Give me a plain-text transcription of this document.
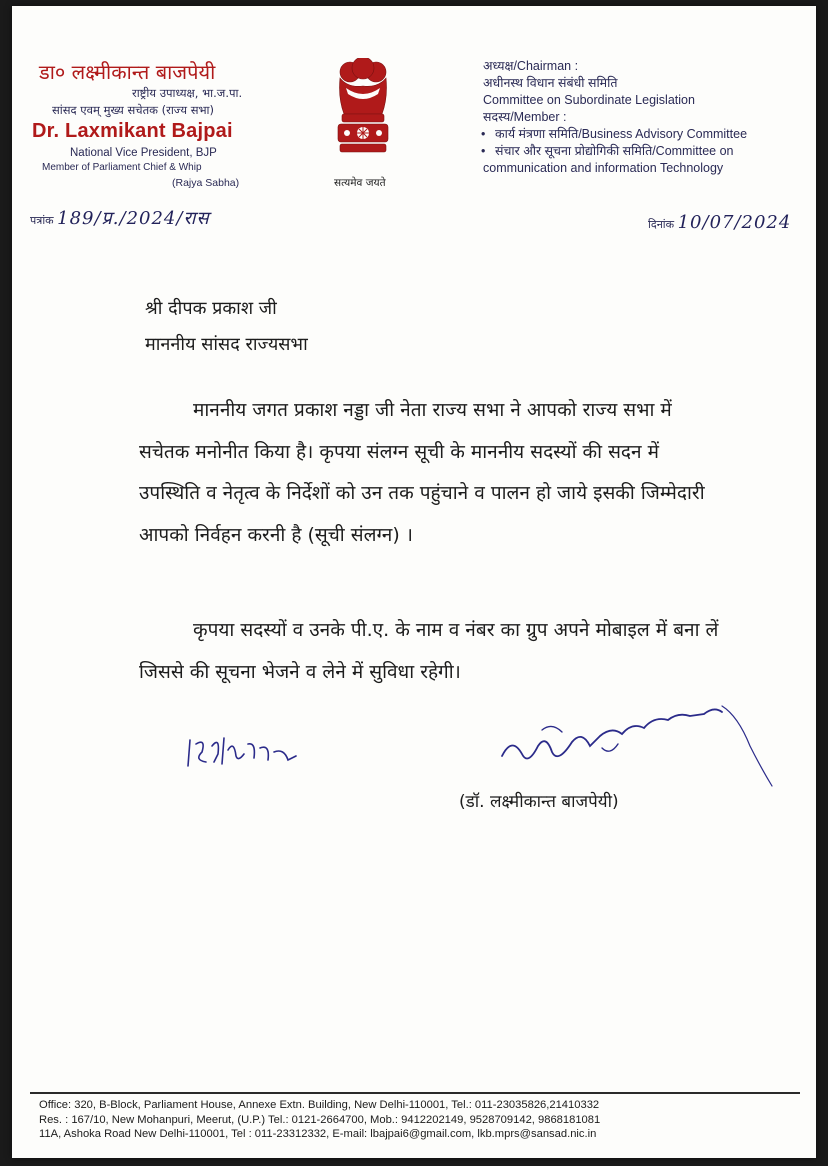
डा० लक्ष्मीकान्त बाजपेयी
राष्ट्रीय उपाध्यक्ष, भा.ज.पा.
सांसद एवम् मुख्य सचेतक (राज्य सभा)
Dr. Laxmikant Bajpai
National Vice President, BJP
Member of Parliament Chief & Whip
(Rajya Sabha)	सत्यमेव जयते
अध्यक्ष/Chairman :
अधीनस्थ विधान संबंधी समिति
Committee on Subordinate Legislation
सदस्य/Member :
• कार्य मंत्रणा समिति/Business Advisory Committee
• संचार और सूचना प्रोद्योगिकी समिति/Committee on
communication and information Technology
पत्रांक 189/प्र./2024/रास	दिनांक 10/07/2024
श्री दीपक प्रकाश जी
माननीय सांसद राज्यसभा
माननीय जगत प्रकाश नड्डा जी नेता राज्य सभा ने आपको राज्य सभा में सचेतक मनोनीत किया है। कृपया संलग्न सूची के माननीय सदस्यों की सदन में उपस्थिति व नेतृत्व के निर्देशों को उन तक पहुंचाने व पालन हो जाये इसकी जिम्मेदारी आपको निर्वहन करनी है (सूची संलग्न) ।
कृपया सदस्यों व उनके पी.ए. के नाम व नंबर का ग्रुप अपने मोबाइल में बना लें जिससे की सूचना भेजने व लेने में सुविधा रहेगी।
(डॉ. लक्ष्मीकान्त बाजपेयी)
Office: 320, B-Block, Parliament House, Annexe Extn. Building, New Delhi-110001, Tel.: 011-23035826,21410332
Res. : 167/10, New Mohanpuri, Meerut, (U.P.) Tel.: 0121-2664700, Mob.: 9412202149, 9528709142, 9868181081
11A, Ashoka Road New Delhi-110001, Tel : 011-23312332, E-mail: lbajpai6@gmail.com, lkb.mprs@sansad.nic.in
